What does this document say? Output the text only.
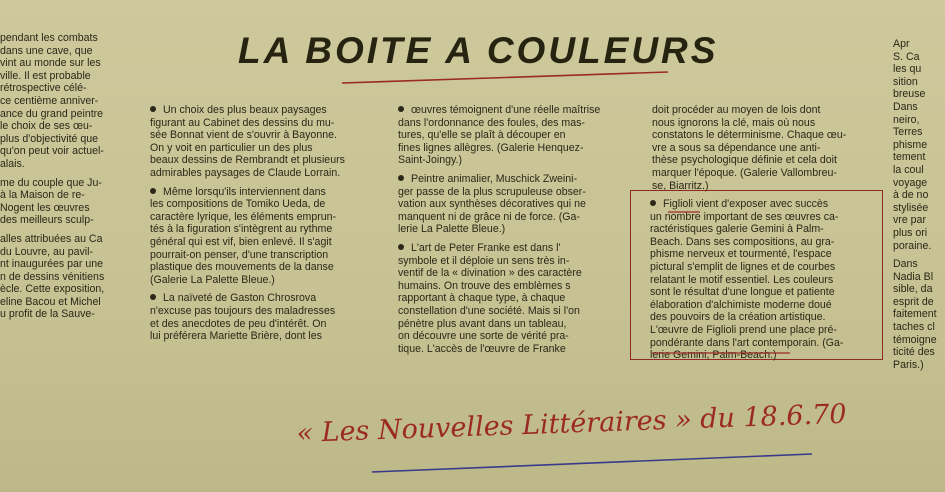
LA BOITE A COULEURS

pendant les combats

dans une cave, que

vint au monde sur les

ville. Il est probable

rétrospective célé-

ce centième anniver-

ance du grand peintre

le choix de ses œu-

plus d'objectivité que

qu'on peut voir actuel-

alais.

me du couple que Ju-

à la Maison de re-

Nogent les œuvres

des meilleurs sculp-

alles attribuées au Ca

du Louvre, au pavil-

nt inaugurées par une

n de dessins vénitiens

ècle. Cette exposition,

eline Bacou et Michel

u profit de la Sauve-

Un choix des plus beaux paysages

figurant au Cabinet des dessins du mu-

sée Bonnat vient de s'ouvrir à Bayonne.

On y voit en particulier un des plus

beaux dessins de Rembrandt et plusieurs

admirables paysages de Claude Lorrain.

Même lorsqu'ils interviennent dans

les compositions de Tomiko Ueda, de

caractère lyrique, les éléments emprun-

tés à la figuration s'intègrent au rythme

général qui est vif, bien enlevé. Il s'agit

pourrait-on penser, d'une transcription

plastique des mouvements de la danse

(Galerie La Palette Bleue.)

La naïveté de Gaston Chrosrova

n'excuse pas toujours des maladresses

et des anecdotes de peu d'intérêt. On

lui préférera Mariette Brière, dont les

œuvres témoignent d'une réelle maîtrise

dans l'ordonnance des foules, des mas-

tures, qu'elle se plaît à découper en

fines lignes allègres. (Galerie Henquez-

Saint-Joingy.)

Peintre animalier, Muschick Zweini-

ger passe de la plus scrupuleuse obser-

vation aux synthèses décoratives qui ne

manquent ni de grâce ni de force. (Ga-

lerie La Palette Bleue.)

L'art de Peter Franke est dans l'

symbole et il déploie un sens très in-

ventif de la « divination » des caractère

humains. On trouve des emblèmes s

rapportant à chaque type, à chaque

constellation d'une société. Mais si l'on

pénètre plus avant dans un tableau,

on découvre une sorte de vérité pra-

tique. L'accès de l'œuvre de Franke

doit procéder au moyen de lois dont

nous ignorons la clé, mais où nous

constatons le déterminisme. Chaque œu-

vre a sous sa dépendance une anti-

thèse psychologique définie et cela doit

marquer l'époque. (Galerie Vallombreu-

se, Biarritz.)

Figlioli vient d'exposer avec succès

un nombre important de ses œuvres ca-

ractéristiques galerie Gemini à Palm-

Beach. Dans ses compositions, au gra-

phisme nerveux et tourmenté, l'espace

pictural s'emplit de lignes et de courbes

relatant le motif essentiel. Les couleurs

sont le résultat d'une longue et patiente

élaboration d'alchimiste moderne doué

des pouvoirs de la création artistique.

L'œuvre de Figlioli prend une place pré-

pondérante dans l'art contemporain. (Ga-

lerie Gemini, Palm-Beach.)

Apr

S. Ca

les qu

sition

breuse

Dans

neiro,

Terres

phisme

tement

la coul

voyage

à de no

stylisée

vre par

plus ori

poraine.

Dans

Nadia Bl

sible, da

esprit de

faitement

taches cl

témoigne

ticité des

Paris.)

« Les Nouvelles Littéraires » du 18.6.70
